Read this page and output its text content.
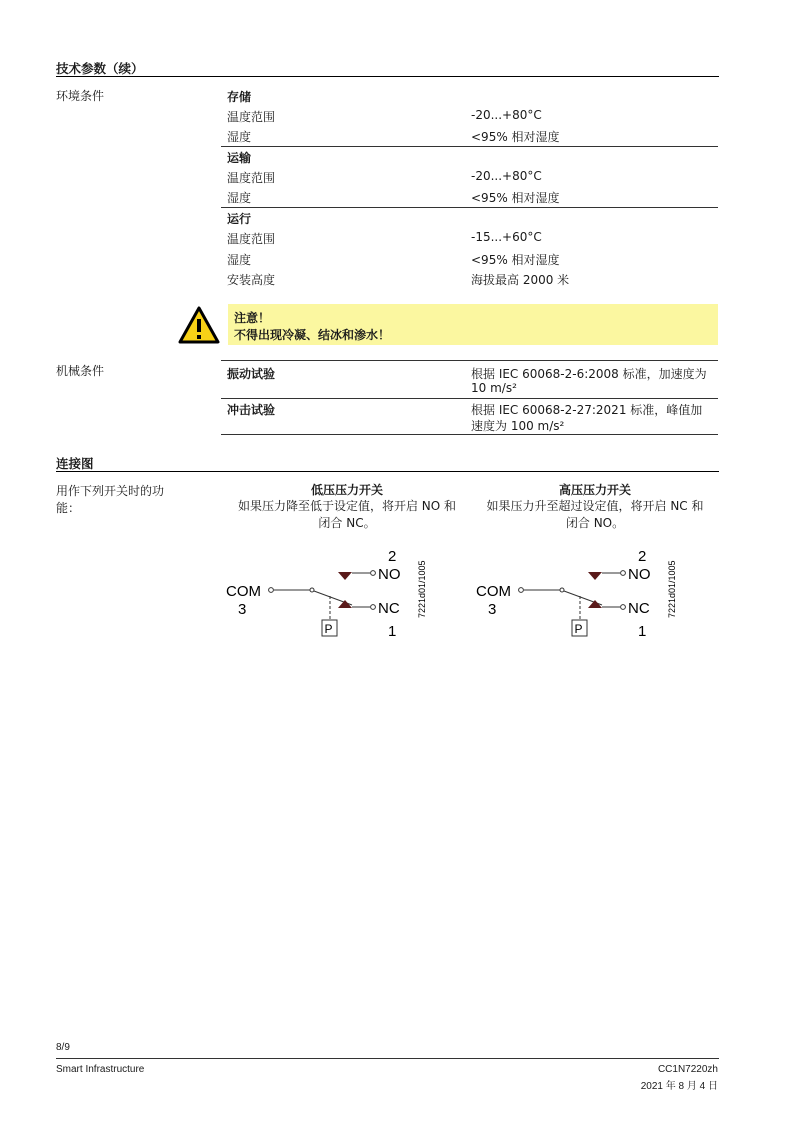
技术参数（续）
环境条件	存储
温度范围	-20...+80°C
湿度	<95% 相对湿度
运输
温度范围	-20...+80°C
湿度	<95% 相对湿度
运行
温度范围	-15...+60°C
湿度	<95% 相对湿度
安装高度	海拔最高 2000 米
注意！
不得出现冷凝、结冰和渗水！
机械条件	振动试验	根据 IEC 60068-2-6:2008 标准，加速度为
10 m/s²
冲击试验	根据 IEC 60068-2-27:2021 标准，峰值加
速度为 100 m/s²
连接图
用作下列开关时的功
能：
低压压力开关
如果压力降至低于设定值，将开启 NO 和
闭合 NC。
高压压力开关
如果压力升至超过设定值，将开启 NC 和
闭合 NO。
2
NO
COM
NC
3
P	1
7221d01/1005
2
NO
COM
NC
3
P	1
7221d01/1005
8/9
Smart Infrastructure	CC1N7220zh
2021 年 8 月 4 日
